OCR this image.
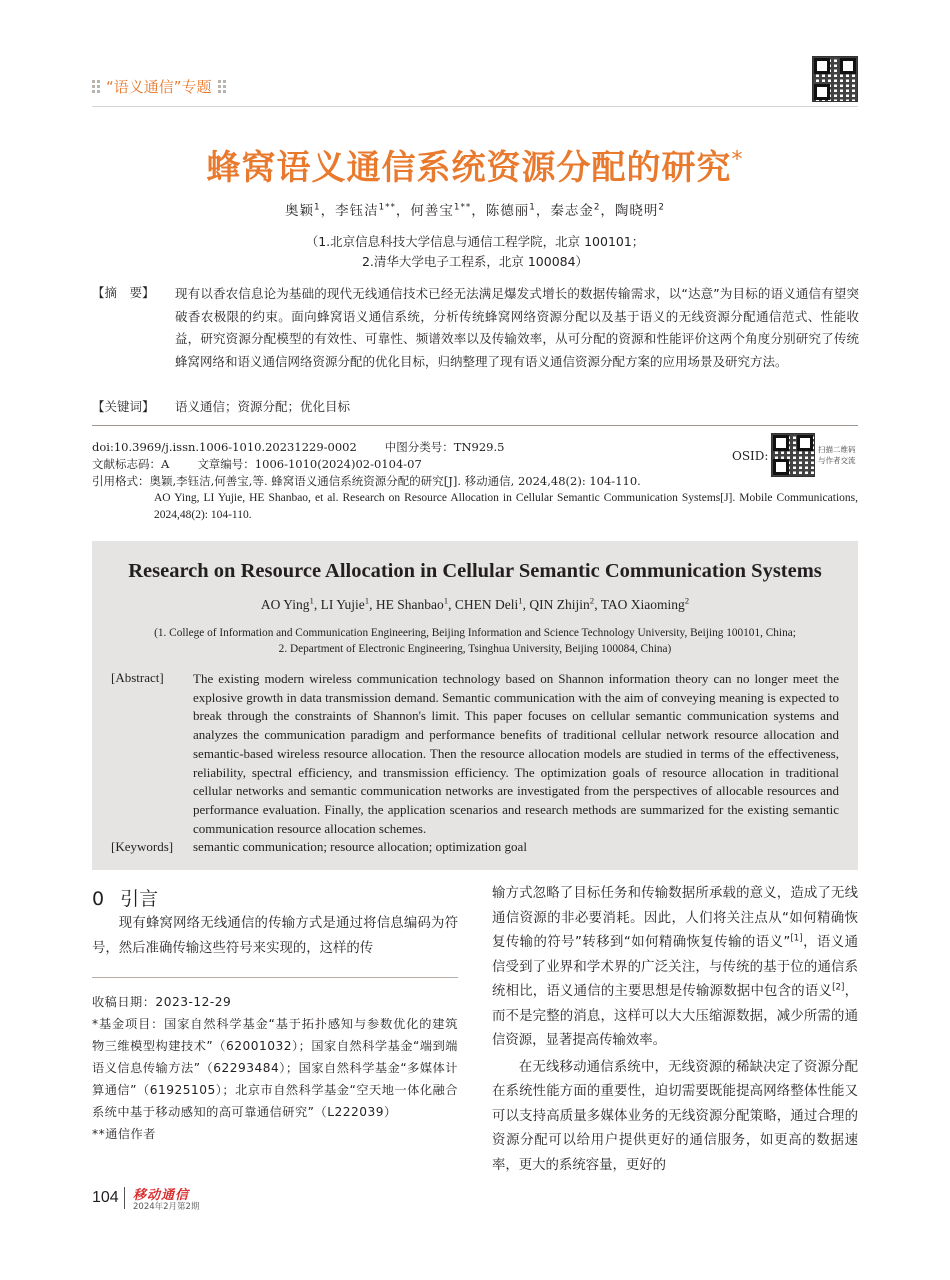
“语义通信”专题
蜂窝语义通信系统资源分配的研究*
奥颖$^1$，李钰洁$^{1**}$，何善宝$^{1**}$，陈德丽$^1$，秦志金$^2$，陶晓明$^2$
（1.北京信息科技大学信息与通信工程学院，北京 100101；
2.清华大学电子工程系，北京 100084）
【摘　要】 现有以香农信息论为基础的现代无线通信技术已经无法满足爆发式增长的数据传输需求，以“达意”为目标的语义通信有望突破香农极限的约束。面向蜂窝语义通信系统，分析传统蜂窝网络资源分配以及基于语义的无线资源分配通信范式、性能收益，研究资源分配模型的有效性、可靠性、频谱效率以及传输效率，从可分配的资源和性能评价这两个角度分别研究了传统蜂窝网络和语义通信网络资源分配的优化目标，归纳整理了现有语义通信资源分配方案的应用场景及研究方法。
【关键词】 语义通信；资源分配；优化目标
doi:10.3969/j.issn.1006-1010.20231229-0002 中图分类号：TN929.5
文献标志码：A 文章编号：1006-1010(2024)02-0104-07
引用格式：奥颖,李钰洁,何善宝,等. 蜂窝语义通信系统资源分配的研究[J]. 移动通信, 2024,48(2): 104-110.
AO Ying, LI Yujie, HE Shanbao, et al. Research on Resource Allocation in Cellular Semantic Communication Systems[J]. Mobile Communications, 2024,48(2): 104-110.
OSID:	扫描二维码
与作者交流
Research on Resource Allocation in Cellular Semantic Communication Systems
AO Ying$^1$, LI Yujie$^1$, HE Shanbao$^1$, CHEN Deli$^1$, QIN Zhijin$^2$, TAO Xiaoming$^2$
(1. College of Information and Communication Engineering, Beijing Information and Science Technology University, Beijing 100101, China;
2. Department of Electronic Engineering, Tsinghua University, Beijing 100084, China)
[Abstract] The existing modern wireless communication technology based on Shannon information theory can no longer meet the explosive growth in data transmission demand. Semantic communication with the aim of conveying meaning is expected to break through the constraints of Shannon's limit. This paper focuses on cellular semantic communication systems and analyzes the communication paradigm and performance benefits of traditional cellular network resource allocation and semantic-based wireless resource allocation. Then the resource allocation models are studied in terms of the effectiveness, reliability, spectral efficiency, and transmission efficiency. The optimization goals of resource allocation in traditional cellular networks and semantic communication networks are investigated from the perspectives of allocable resources and performance evaluation. Finally, the application scenarios and research methods are summarized for the existing semantic communication resource allocation schemes.
[Keywords] semantic communication; resource allocation; optimization goal
0 引言

现有蜂窝网络无线通信的传输方式是通过将信息编码为符号，然后准确传输这些符号来实现的，这样的传

收稿日期：2023-12-29

*基金项目：国家自然科学基金“基于拓扑感知与参数优化的建筑物三维模型构建技术”（62001032）；国家自然科学基金“端到端语义信息传输方法”（62293484）；国家自然科学基金“多媒体计算通信”（61925105）；北京市自然科学基金“空天地一体化融合系统中基于移动感知的高可靠通信研究”（L222039）

**通信作者

输方式忽略了目标任务和传输数据所承载的意义，造成了无线通信资源的非必要消耗。因此，人们将关注点从“如何精确恢复传输的符号”转移到“如何精确恢复传输的语义”[1]，语义通信受到了业界和学术界的广泛关注，与传统的基于位的通信系统相比，语义通信的主要思想是传输源数据中包含的语义[2]，而不是完整的消息，这样可以大大压缩源数据，减少所需的通信资源，显著提高传输效率。

在无线移动通信系统中，无线资源的稀缺决定了资源分配在系统性能方面的重要性，迫切需要既能提高网络整体性能又可以支持高质量多媒体业务的无线资源分配策略，通过合理的资源分配可以给用户提供更好的通信服务，如更高的数据速率，更大的系统容量，更好的

104 移动通信
2024年2月第2期
